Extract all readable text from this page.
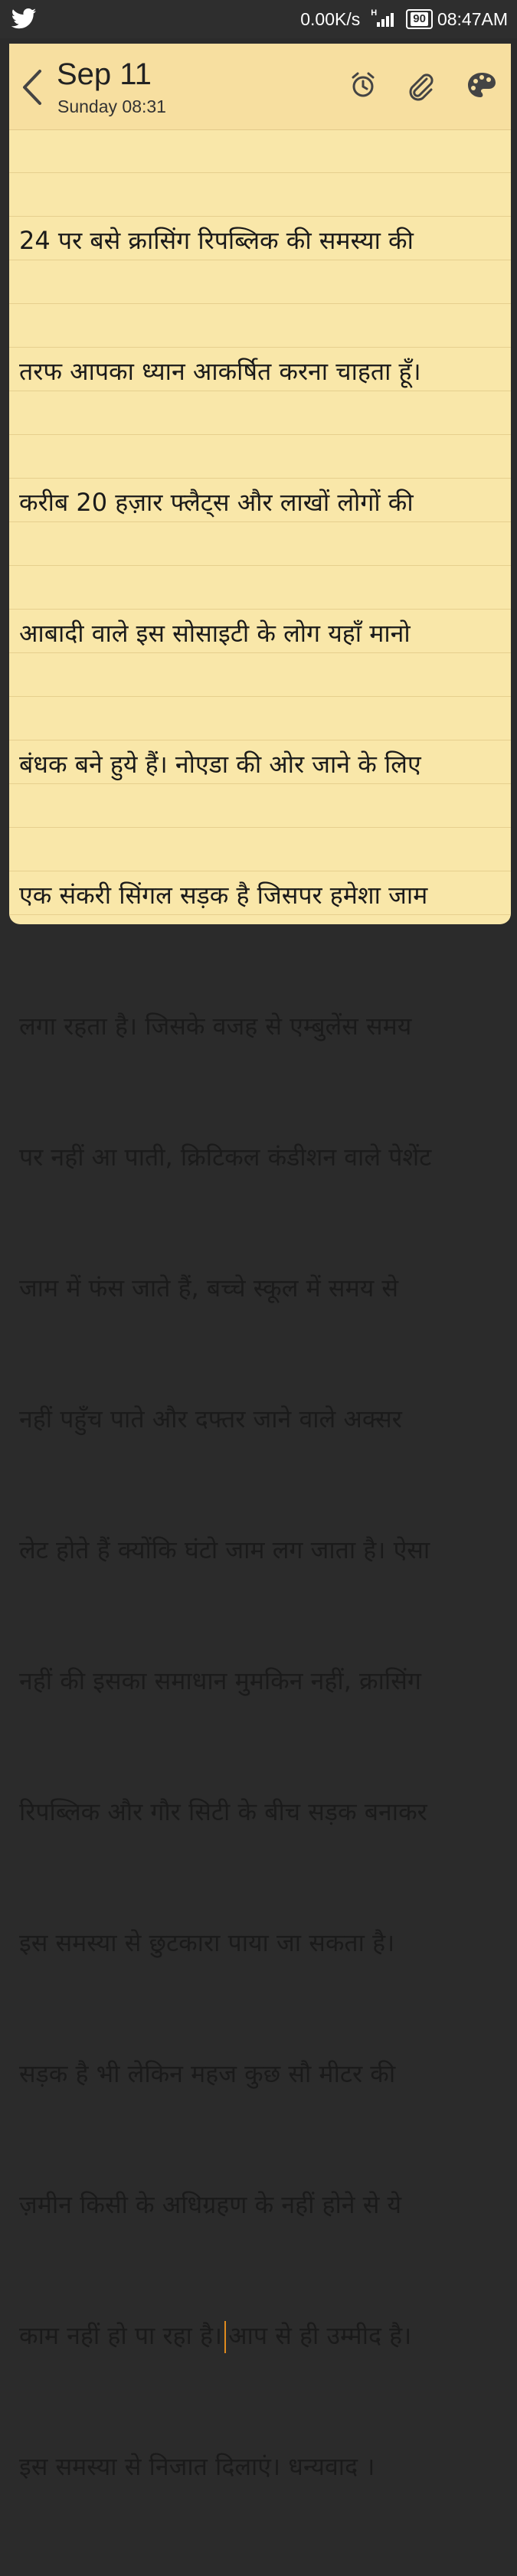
0.00K/s H	90 08:47AM
Sep 11
Sunday 08:31

24 पर बसे क्रासिंग रिपब्लिक की समस्या की

तरफ आपका ध्यान आकर्षित करना चाहता हूँ।

करीब 20 हज़ार फ्लैट्स और लाखों लोगों की

आबादी वाले इस सोसाइटी के लोग यहाँ मानो

बंधक बने हुये हैं। नोएडा की ओर जाने के लिए

एक संकरी सिंगल सड़क है जिसपर हमेशा जाम

लगा रहता है। जिसके वजह से एम्बुलेंस समय

पर नहीं आ पाती, क्रिटिकल कंडीशन वाले पेशेंट

जाम में फंस जाते हैं, बच्चे स्कूल में समय से

नहीं पहुँच पाते और दफ्तर जाने वाले अक्सर

लेट होते हैं क्योंकि घंटो जाम लग जाता है। ऐसा

नहीं की इसका समाधान मुमकिन नहीं, क्रासिंग

रिपब्लिक और गौर सिटी के बीच सड़क बनाकर

इस समस्या से छुटकारा पाया जा सकता है।

सड़क है भी लेकिन महज कुछ सौ मीटर की

ज़मीन किसी के अधिग्रहण के नहीं होने से ये

काम नहीं हो पा रहा है। आप से ही उम्मीद है।

इस समस्या से निजात दिलाएं। धन्यवाद ।
